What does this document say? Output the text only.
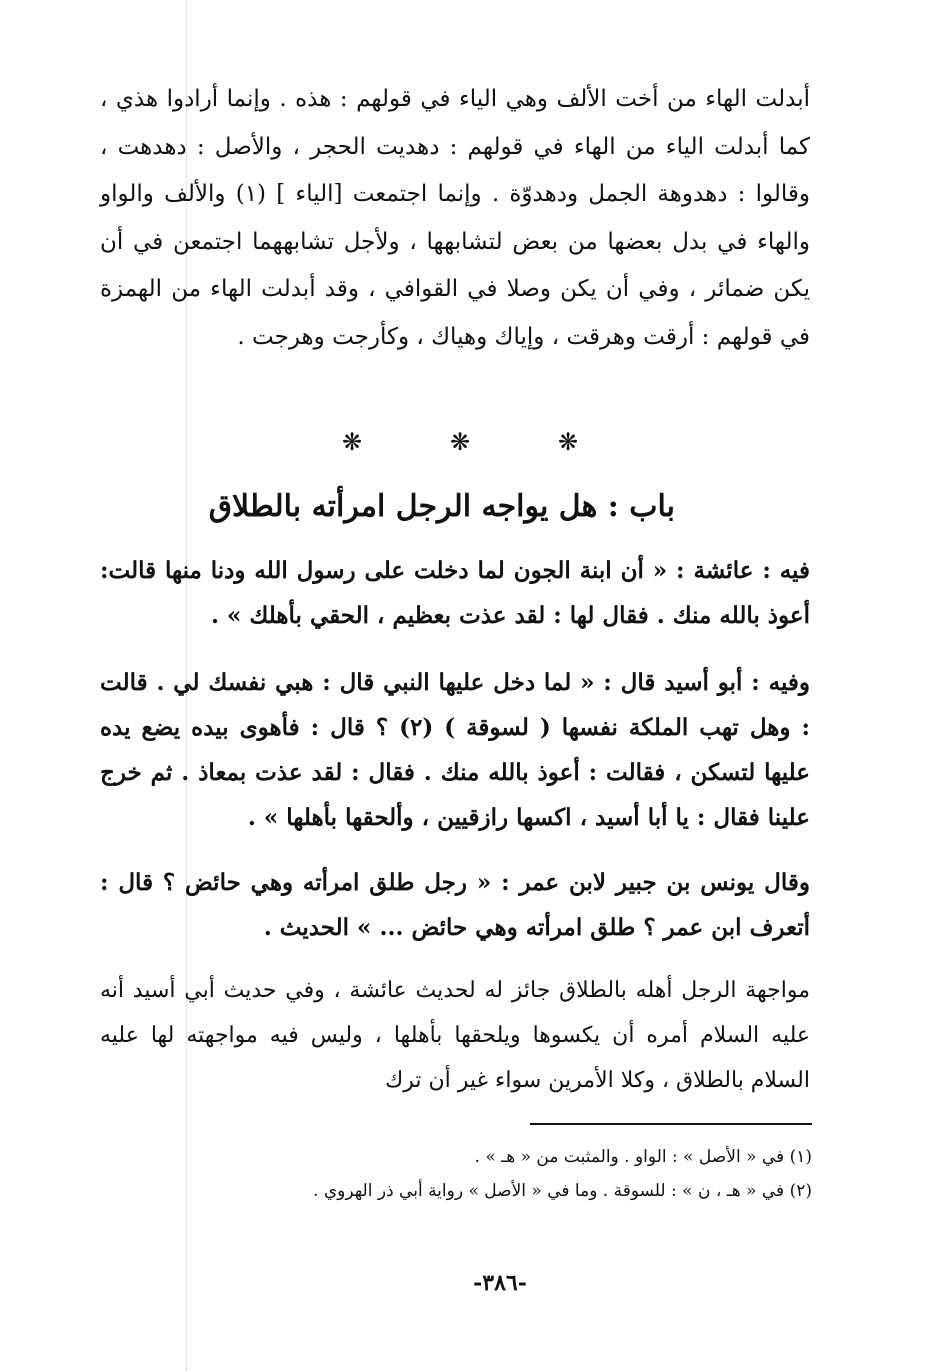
أبدلت الهاء من أخت الألف وهي الياء في قولهم : هذه . وإنما أرادوا هذي ، كما أبدلت الياء من الهاء في قولهم : دهديت الحجر ، والأصل : دهدهت ، وقالوا : دهدوهة الجمل ودهدوّة . وإنما اجتمعت [الياء ] (١) والألف والواو والهاء في بدل بعضها من بعض لتشابهها ، ولأجل تشابههما اجتمعن في أن يكن ضمائر ، وفي أن يكن وصلا في القوافي ، وقد أبدلت الهاء من الهمزة في قولهم : أرقت وهرقت ، وإياك وهياك ، وكأرجت وهرجت .

❋	❋	❋
باب : هل يواجه الرجل امرأته بالطلاق

فيه : عائشة : « أن ابنة الجون لما دخلت على رسول الله ودنا منها قالت: أعوذ بالله منك . فقال لها : لقد عذت بعظيم ، الحقي بأهلك » .

وفيه : أبو أسيد قال : « لما دخل عليها النبي قال : هبي نفسك لي . قالت : وهل تهب الملكة نفسها ( لسوقة ) (٢) ؟ قال : فأهوى بيده يضع يده عليها لتسكن ، فقالت : أعوذ بالله منك . فقال : لقد عذت بمعاذ . ثم خرج علينا فقال : يا أبا أسيد ، اكسها رازقيين ، وألحقها بأهلها » .

وقال يونس بن جبير لابن عمر : « رجل طلق امرأته وهي حائض ؟ قال : أتعرف ابن عمر ؟ طلق امرأته وهي حائض ... » الحديث .

مواجهة الرجل أهله بالطلاق جائز له لحديث عائشة ، وفي حديث أبي أسيد أنه عليه السلام أمره أن يكسوها ويلحقها بأهلها ، وليس فيه مواجهته لها عليه السلام بالطلاق ، وكلا الأمرين سواء غير أن ترك

(١) في « الأصل » : الواو . والمثبت من « هـ » .
(٢) في « هـ ، ن » : للسوقة . وما في « الأصل » رواية أبي ذر الهروي .
-٣٨٦-
